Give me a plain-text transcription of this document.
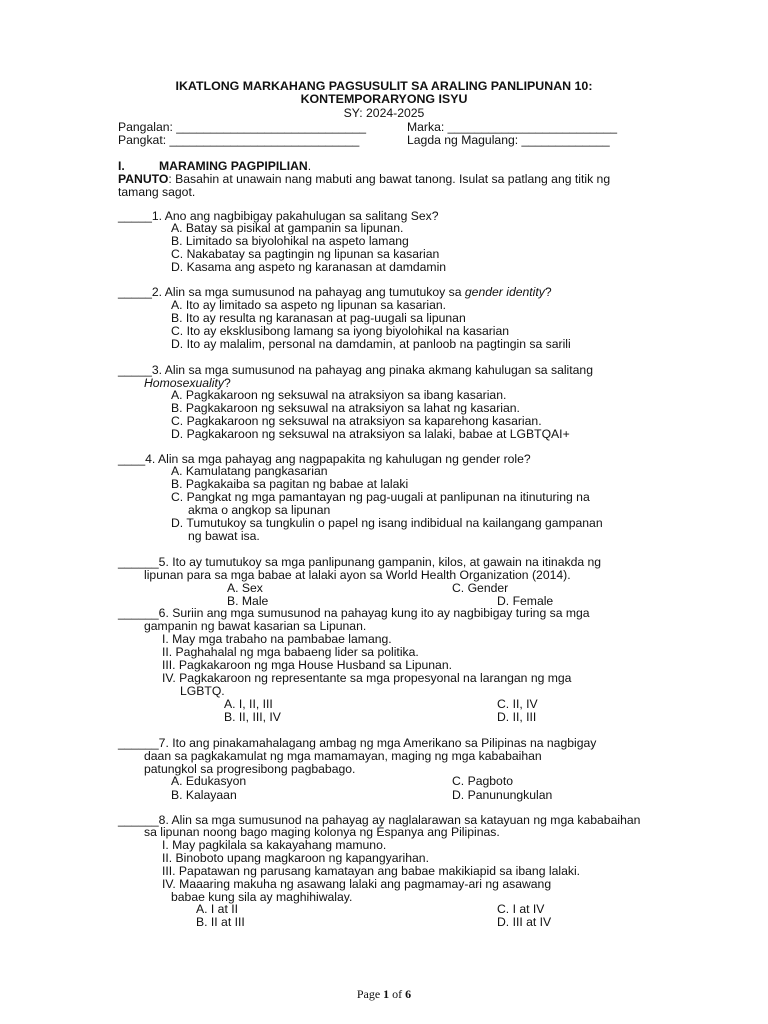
IKATLONG MARKAHANG PAGSUSULIT SA ARALING PANLIPUNAN 10:
KONTEMPORARYONG ISYU
SY: 2024-2025
Pangalan: ____________________________	Marka: _________________________
Pangkat: ____________________________	Lagda ng Magulang: _____________
I.	MARAMING PAGPIPILIAN.
PANUTO: Basahin at unawain nang mabuti ang bawat tanong. Isulat sa patlang ang titik ng
tamang sagot.
_____1. Ano ang nagbibigay pakahulugan sa salitang Sex?
A. Batay sa pisikal at gampanin sa lipunan.
B. Limitado sa biyolohikal na aspeto lamang
C. Nakabatay sa pagtingin ng lipunan sa kasarian
D. Kasama ang aspeto ng karanasan at damdamin
_____2. Alin sa mga sumusunod na pahayag ang tumutukoy sa gender identity?
A. Ito ay limitado sa aspeto ng lipunan sa kasarian.
B. Ito ay resulta ng karanasan at pag-uugali sa lipunan
C. Ito ay eksklusibong lamang sa iyong biyolohikal na kasarian
D. Ito ay malalim, personal na damdamin, at panloob na pagtingin sa sarili
_____3. Alin sa mga sumusunod na pahayag ang pinaka akmang kahulugan sa salitang
Homosexuality?
A. Pagkakaroon ng seksuwal na atraksiyon sa ibang kasarian.
B. Pagkakaroon ng seksuwal na atraksiyon sa lahat ng kasarian.
C. Pagkakaroon ng seksuwal na atraksiyon sa kaparehong kasarian.
D. Pagkakaroon ng seksuwal na atraksiyon sa lalaki, babae at LGBTQAI+
____4. Alin sa mga pahayag ang nagpapakita ng kahulugan ng gender role?
A. Kamulatang pangkasarian
B. Pagkakaiba sa pagitan ng babae at lalaki
C. Pangkat ng mga pamantayan ng pag-uugali at panlipunan na itinuturing na
akma o angkop sa lipunan
D. Tumutukoy sa tungkulin o papel ng isang indibidual na kailangang gampanan
ng bawat isa.
______5. Ito ay tumutukoy sa mga panlipunang gampanin, kilos, at gawain na itinakda ng
lipunan para sa mga babae at lalaki ayon sa World Health Organization (2014).
A. Sex	C. Gender
B. Male	D. Female
______6. Suriin ang mga sumusunod na pahayag kung ito ay nagbibigay turing sa mga
gampanin ng bawat kasarian sa Lipunan.
I. May mga trabaho na pambabae lamang.
II. Paghahalal ng mga babaeng lider sa politika.
III. Pagkakaroon ng mga House Husband sa Lipunan.
IV. Pagkakaroon ng representante sa mga propesyonal na larangan ng mga
LGBTQ.
A. I, II, III	C. II, IV
B. II, III, IV	D. II, III
______7. Ito ang pinakamahalagang ambag ng mga Amerikano sa Pilipinas na nagbigay
daan sa pagkakamulat ng mga mamamayan, maging ng mga kababaihan
patungkol sa progresibong pagbabago.
A. Edukasyon	C. Pagboto
B. Kalayaan	D. Panunungkulan
______8. Alin sa mga sumusunod na pahayag ay naglalarawan sa katayuan ng mga kababaihan
sa lipunan noong bago maging kolonya ng Espanya ang Pilipinas.
I. May pagkilala sa kakayahang mamuno.
II. Binoboto upang magkaroon ng kapangyarihan.
III. Papatawan ng parusang kamatayan ang babae makikiapid sa ibang lalaki.
IV. Maaaring makuha ng asawang lalaki ang pagmamay-ari ng asawang
babae kung sila ay maghihiwalay.
A. I at II	C. I at IV
B. II at III	D. III at IV
Page 1 of 6
